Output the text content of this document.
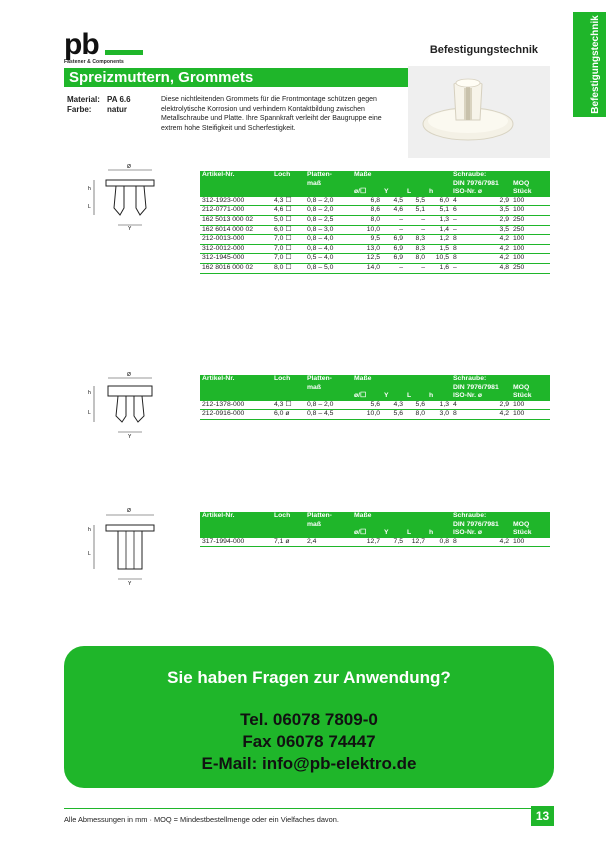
pb
Fastener & Components
Befestigungstechnik	Befestigungstechnik
Spreizmuttern, Grommets
Material: PA 6.6
Farbe: natur
Diese nichtleitenden Grommets für die Frontmontage schützen gegen elektrolytische Korrosion und verhindern Kontaktbildung zwischen Metallschraube und Platte. Ihre Spannkraft verleiht der Baugruppe eine extrem hohe Steifigkeit und Scherfestigkeit.
Ø
Y
h
L
Artikel-Nr.	Loch	Platten-
maß	Maße				Schraube:
DIN 7976/7981		MOQ
			ø/☐	Y	L	h	ISO-Nr. ø		Stück
312-1923-000	4,3 ☐	0,8 – 2,0	6,8	4,5	5,5	6,0	4	2,9	100
212-0771-000	4,6 ☐	0,8 – 2,0	8,6	4,6	5,1	5,1	6	3,5	100
162 5013 000 02	5,0 ☐	0,8 – 2,5	8,0	–	–	1,3	–	2,9	250
162 6014 000 02	6,0 ☐	0,8 – 3,0	10,0	–	–	1,4	–	3,5	250
212-0013-000	7,0 ☐	0,8 – 4,0	9,5	6,9	8,3	1,2	8	4,2	100
312-0012-000	7,0 ☐	0,8 – 4,0	13,0	6,9	8,3	1,5	8	4,2	100
312-1945-000	7,0 ☐	0,5 – 4,0	12,5	6,9	8,0	10,5	8	4,2	100
162 8016 000 02	8,0 ☐	0,8 – 5,0	14,0	–	–	1,6	–	4,8	250
Ø
Y
h
L
Artikel-Nr.	Loch	Platten-
maß	Maße				Schraube:
DIN 7976/7981		MOQ
			ø/☐	Y	L	h	ISO-Nr. ø		Stück
212-1378-000	4,3 ☐	0,8 – 2,0	5,6	4,3	5,6	1,3	4	2,9	100
212-0916-000	6,0 ø	0,8 – 4,5	10,0	5,6	8,0	3,0	8	4,2	100
Ø
Y
h
L
Artikel-Nr.	Loch	Platten-
maß	Maße				Schraube:
DIN 7976/7981		MOQ
			ø/☐	Y	L	h	ISO-Nr. ø		Stück
317-1994-000	7,1 ø	2,4	12,7	7,5	12,7	0,8	8	4,2	100
Sie haben Fragen zur Anwendung?
Tel. 06078 7809-0
Fax 06078 74447
E-Mail: info@pb-elektro.de
Alle Abmessungen in mm · MOQ = Mindestbestellmenge oder ein Vielfaches davon.	13
